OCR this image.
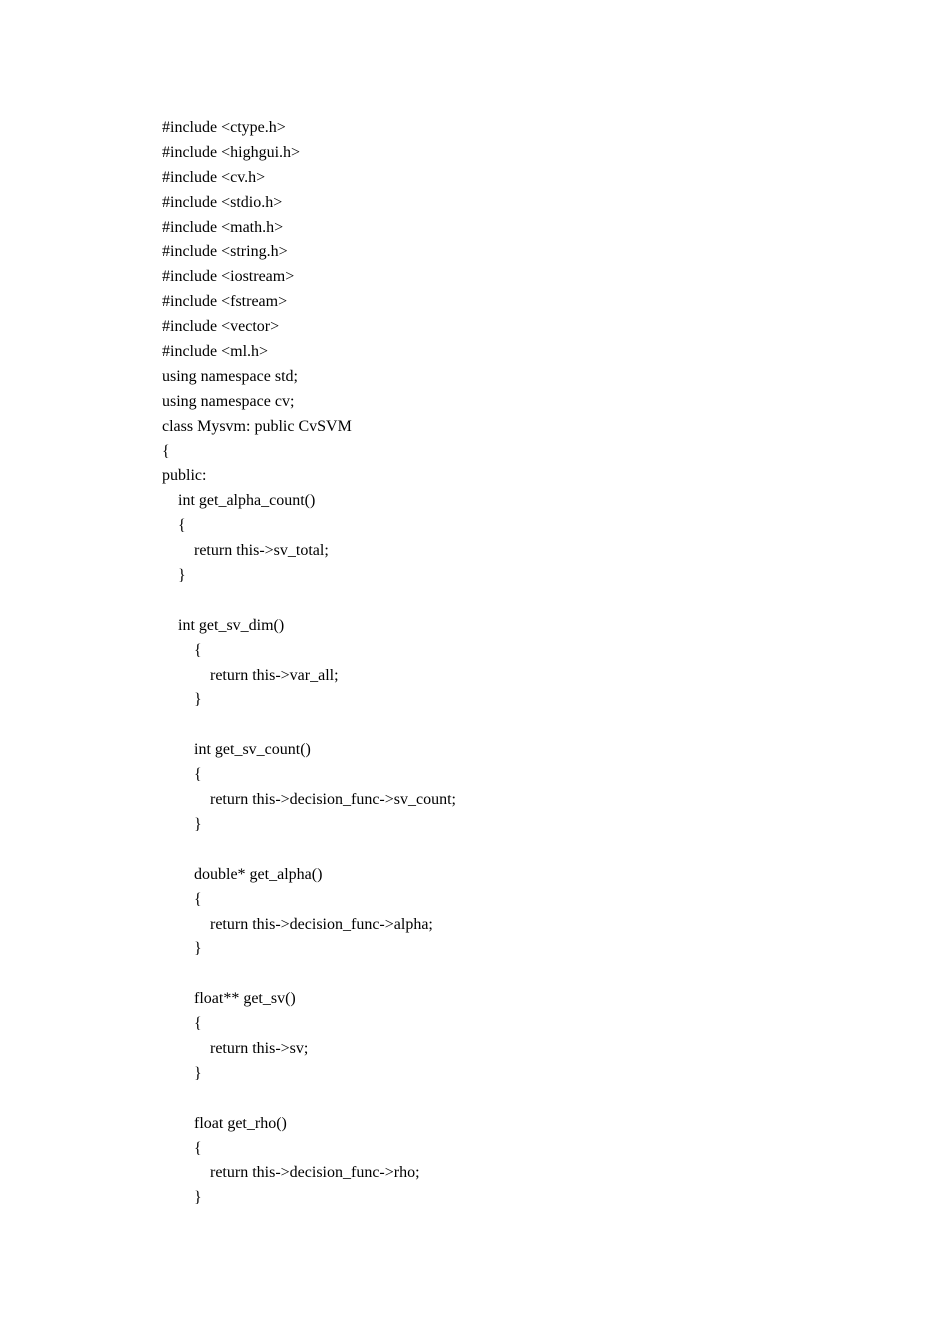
#include <ctype.h>
#include <highgui.h>
#include <cv.h>
#include <stdio.h>
#include <math.h>
#include <string.h>
#include <iostream>
#include <fstream>
#include <vector>
#include <ml.h>
using namespace std;
using namespace cv;
class Mysvm: public CvSVM
{
public:
int get_alpha_count()
{
return this->sv_total;
}
int get_sv_dim()
{
return this->var_all;
}
int get_sv_count()
{
return this->decision_func->sv_count;
}
double* get_alpha()
{
return this->decision_func->alpha;
}
float** get_sv()
{
return this->sv;
}
float get_rho()
{
return this->decision_func->rho;
}
